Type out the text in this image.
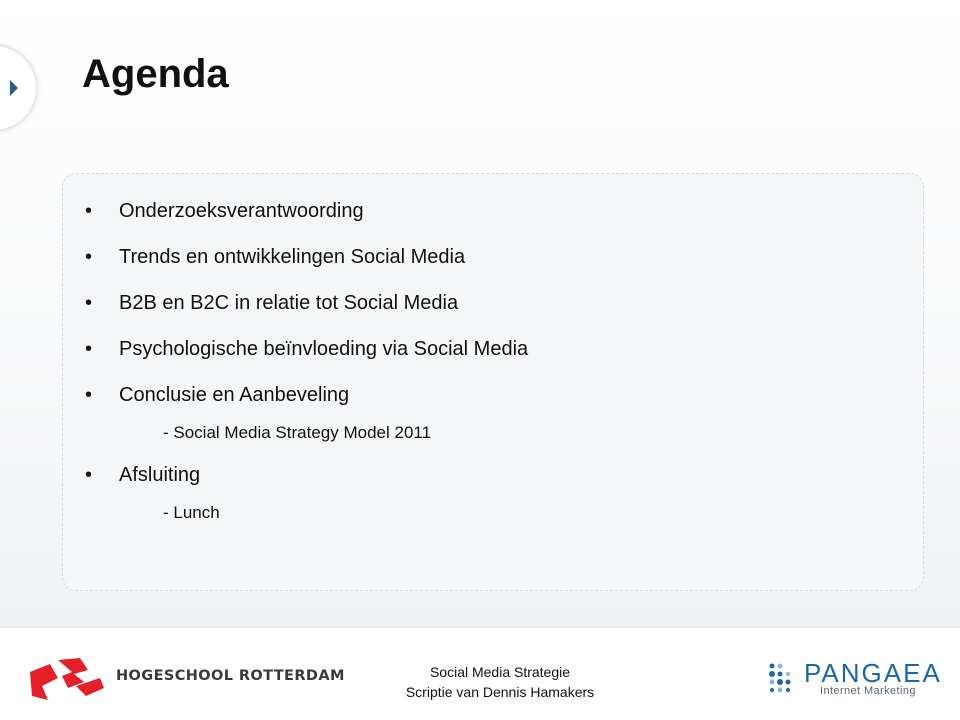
Agenda
• Onderzoeksverantwoording
• Trends en ontwikkelingen Social Media
• B2B en B2C in relatie tot Social Media
• Psychologische beïnvloeding via Social Media
• Conclusie en Aanbeveling
- Social Media Strategy Model 2011
• Afsluiting
- Lunch
HOGESCHOOL ROTTERDAM	Social Media Strategie
Scriptie van Dennis Hamakers
PANGAEA
Internet Marketing
